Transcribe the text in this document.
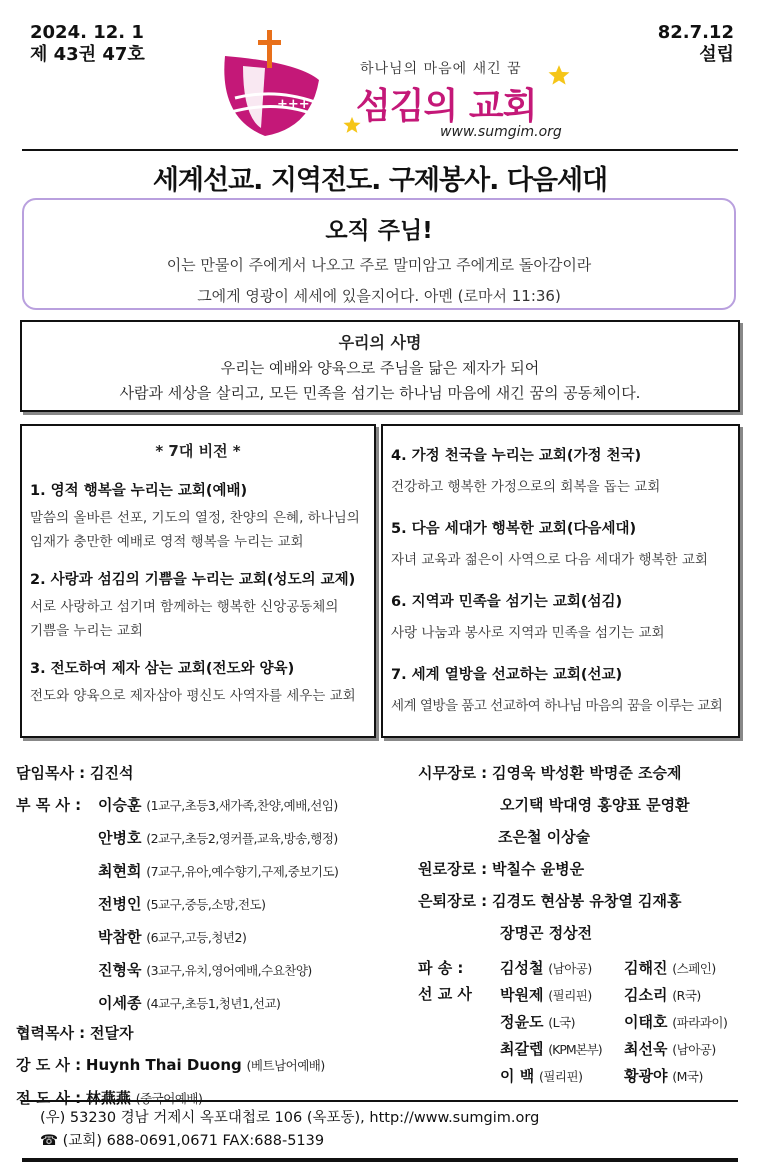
2024. 12. 1
제 43권 47호
82.7.12
설립
+++
하나님의 마음에 새긴 꿈
섬김의 교회
www.sumgim.org
세계선교. 지역전도. 구제봉사. 다음세대
오직 주님!
이는 만물이 주에게서 나오고 주로 말미암고 주에게로 돌아감이라
그에게 영광이 세세에 있을지어다. 아멘 (로마서 11:36)
우리의 사명
우리는 예배와 양육으로 주님을 닮은 제자가 되어
사람과 세상을 살리고, 모든 민족을 섬기는 하나님 마음에 새긴 꿈의 공동체이다.
* 7대 비전 *
1. 영적 행복을 누리는 교회(예배)
말씀의 올바른 선포, 기도의 열정, 찬양의 은혜, 하나님의
임재가 충만한 예배로 영적 행복을 누리는 교회
2. 사랑과 섬김의 기쁨을 누리는 교회(성도의 교제)
서로 사랑하고 섬기며 함께하는 행복한 신앙공동체의
기쁨을 누리는 교회
3. 전도하여 제자 삼는 교회(전도와 양육)
전도와 양육으로 제자삼아 평신도 사역자를 세우는 교회
4. 가정 천국을 누리는 교회(가정 천국)
건강하고 행복한 가정으로의 회복을 돕는 교회
5. 다음 세대가 행복한 교회(다음세대)
자녀 교육과 젊은이 사역으로 다음 세대가 행복한 교회
6. 지역과 민족을 섬기는 교회(섬김)
사랑 나눔과 봉사로 지역과 민족을 섬기는 교회
7. 세계 열방을 선교하는 교회(선교)
세계 열방을 품고 선교하여 하나님 마음의 꿈을 이루는 교회
담임목사 : 김진석
부 목 사 : 이승훈 (1교구,초등3,새가족,찬양,예배,선임)
안병호 (2교구,초등2,영커플,교육,방송,행정)
최현희 (7교구,유아,예수향기,구제,중보기도)
전병인 (5교구,중등,소망,전도)
박참한 (6교구,고등,청년2)
진형욱 (3교구,유치,영어예배,수요찬양)
이세종 (4교구,초등1,청년1,선교)
협력목사 : 전달자
강 도 사 : Huynh Thai Duong (베트남어예배)
전 도 사 : 林燕燕 (중국어예배)
시무장로 : 김영욱 박성환 박명준 조승제
오기택 박대영 홍양표 문영환
조은철 이상술
원로장로 : 박칠수 윤병운
은퇴장로 : 김경도 현삼봉 유창열 김재홍
장명곤 정상전
파 송 :
선 교 사
김성철 (남아공)
박원제 (필리핀)
정윤도 (L국)
최갈렙 (KPM본부)
이 백 (필리핀)
김해진 (스페인)
김소리 (R국)
이태호 (파라과이)
최선욱 (남아공)
황광야 (M국)
(우) 53230 경남 거제시 옥포대첩로 106 (옥포동), http://www.sumgim.org
☎ (교회) 688-0691,0671 FAX:688-5139
